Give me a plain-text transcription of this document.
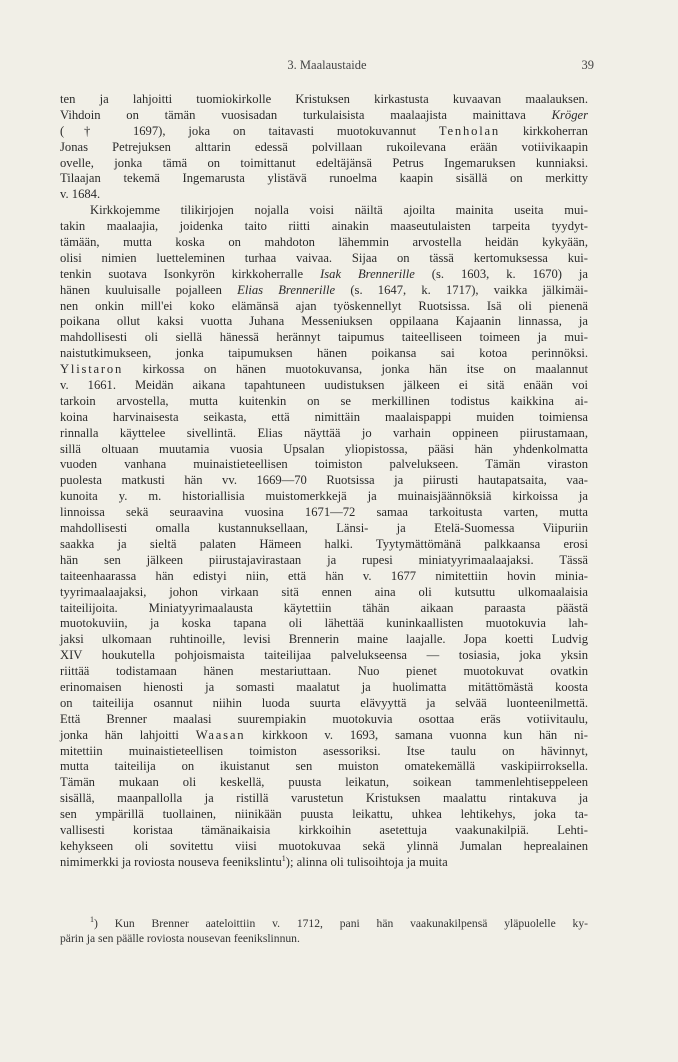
3. Maalaustaide	39
ten ja lahjoitti tuomiokirkolle Kristuksen kirkastusta kuvaavan maalauksen.
Vihdoin on tämän vuosisadan turkulaisista maalaajista mainittava Kröger
(† 1697), joka on taitavasti muotokuvannut Tenholan kirkkoherran
Jonas Petrejuksen alttarin edessä polvillaan rukoilevana erään votiivikaapin
ovelle, jonka tämä on toimittanut edeltäjänsä Petrus Ingemaruksen kunniaksi.
Tilaajan tekemä Ingemarusta ylistävä runoelma kaapin sisällä on merkitty
v. 1684.
Kirkkojemme tilikirjojen nojalla voisi näiltä ajoilta mainita useita mui-
takin maalaajia, joidenka taito riitti ainakin maaseutulaisten tarpeita tyydyt-
tämään, mutta koska on mahdoton lähemmin arvostella heidän kykyään,
olisi nimien luetteleminen turhaa vaivaa. Sijaa on tässä kertomuksessa kui-
tenkin suotava Isonkyrön kirkkoherralle Isak Brennerille (s. 1603, k. 1670) ja
hänen kuuluisalle pojalleen Elias Brennerille (s. 1647, k. 1717), vaikka jälkimäi-
nen onkin mill'ei koko elämänsä ajan työskennellyt Ruotsissa. Isä oli pienenä
poikana ollut kaksi vuotta Juhana Messeniuksen oppilaana Kajaanin linnassa, ja
mahdollisesti oli siellä hänessä herännyt taipumus taiteelliseen toimeen ja mui-
naistutkimukseen, jonka taipumuksen hänen poikansa sai kotoa perinnöksi.
Ylistaron kirkossa on hänen muotokuvansa, jonka hän itse on maalannut
v. 1661. Meidän aikana tapahtuneen uudistuksen jälkeen ei sitä enään voi
tarkoin arvostella, mutta kuitenkin on se merkillinen todistus kaikkina ai-
koina harvinaisesta seikasta, että nimittäin maalaispappi muiden toimiensa
rinnalla käyttelee sivellintä. Elias näyttää jo varhain oppineen piirustamaan,
sillä oltuaan muutamia vuosia Upsalan yliopistossa, pääsi hän yhdenkolmatta
vuoden vanhana muinaistieteellisen toimiston palvelukseen. Tämän viraston
puolesta matkusti hän vv. 1669—70 Ruotsissa ja piirusti hautapatsaita, vaa-
kunoita y. m. historiallisia muistomerkkejä ja muinaisjäännöksiä kirkoissa ja
linnoissa sekä seuraavina vuosina 1671—72 samaa tarkoitusta varten, mutta
mahdollisesti omalla kustannuksellaan, Länsi- ja Etelä-Suomessa Viipuriin
saakka ja sieltä palaten Hämeen halki. Tyytymättömänä palkkaansa erosi
hän sen jälkeen piirustajavirastaan ja rupesi miniatyyrimaalaajaksi. Tässä
taiteenhaarassa hän edistyi niin, että hän v. 1677 nimitettiin hovin minia-
tyyrimaalaajaksi, johon virkaan sitä ennen aina oli kutsuttu ulkomaalaisia
taiteilijoita. Miniatyyrimaalausta käytettiin tähän aikaan paraasta päästä
muotokuviin, ja koska tapana oli lähettää kuninkaallisten muotokuvia lah-
jaksi ulkomaan ruhtinoille, levisi Brennerin maine laajalle. Jopa koetti Ludvig
XIV houkutella pohjoismaista taiteilijaa palvelukseensa — tosiasia, joka yksin
riittää todistamaan hänen mestariuttaan. Nuo pienet muotokuvat ovatkin
erinomaisen hienosti ja somasti maalatut ja huolimatta mitättömästä koosta
on taiteilija osannut niihin luoda suurta elävyyttä ja selvää luonteenilmettä.
Että Brenner maalasi suurempiakin muotokuvia osottaa eräs votiivitaulu,
jonka hän lahjoitti Waasan kirkkoon v. 1693, samana vuonna kun hän ni-
mitettiin muinaistieteellisen toimiston asessoriksi. Itse taulu on hävinnyt,
mutta taiteilija on ikuistanut sen muiston omatekemällä vaskipiirroksella.
Tämän mukaan oli keskellä, puusta leikatun, soikean tammenlehtiseppeleen
sisällä, maanpallolla ja ristillä varustetun Kristuksen maalattu rintakuva ja
sen ympärillä tuollainen, niinikään puusta leikattu, uhkea lehtikehys, joka ta-
vallisesti koristaa tämänaikaisia kirkkoihin asetettuja vaakunakilpiä. Lehti-
kehykseen oli sovitettu viisi muotokuvaa sekä ylinnä Jumalan heprealainen
nimimerkki ja roviosta nouseva feenikslintu$^1$); alinna oli tulisoihtoja ja muita
$^1$) Kun Brenner aateloittiin v. 1712, pani hän vaakunakilpensä yläpuolelle ky-
pärin ja sen päälle roviosta nousevan feenikslinnun.
